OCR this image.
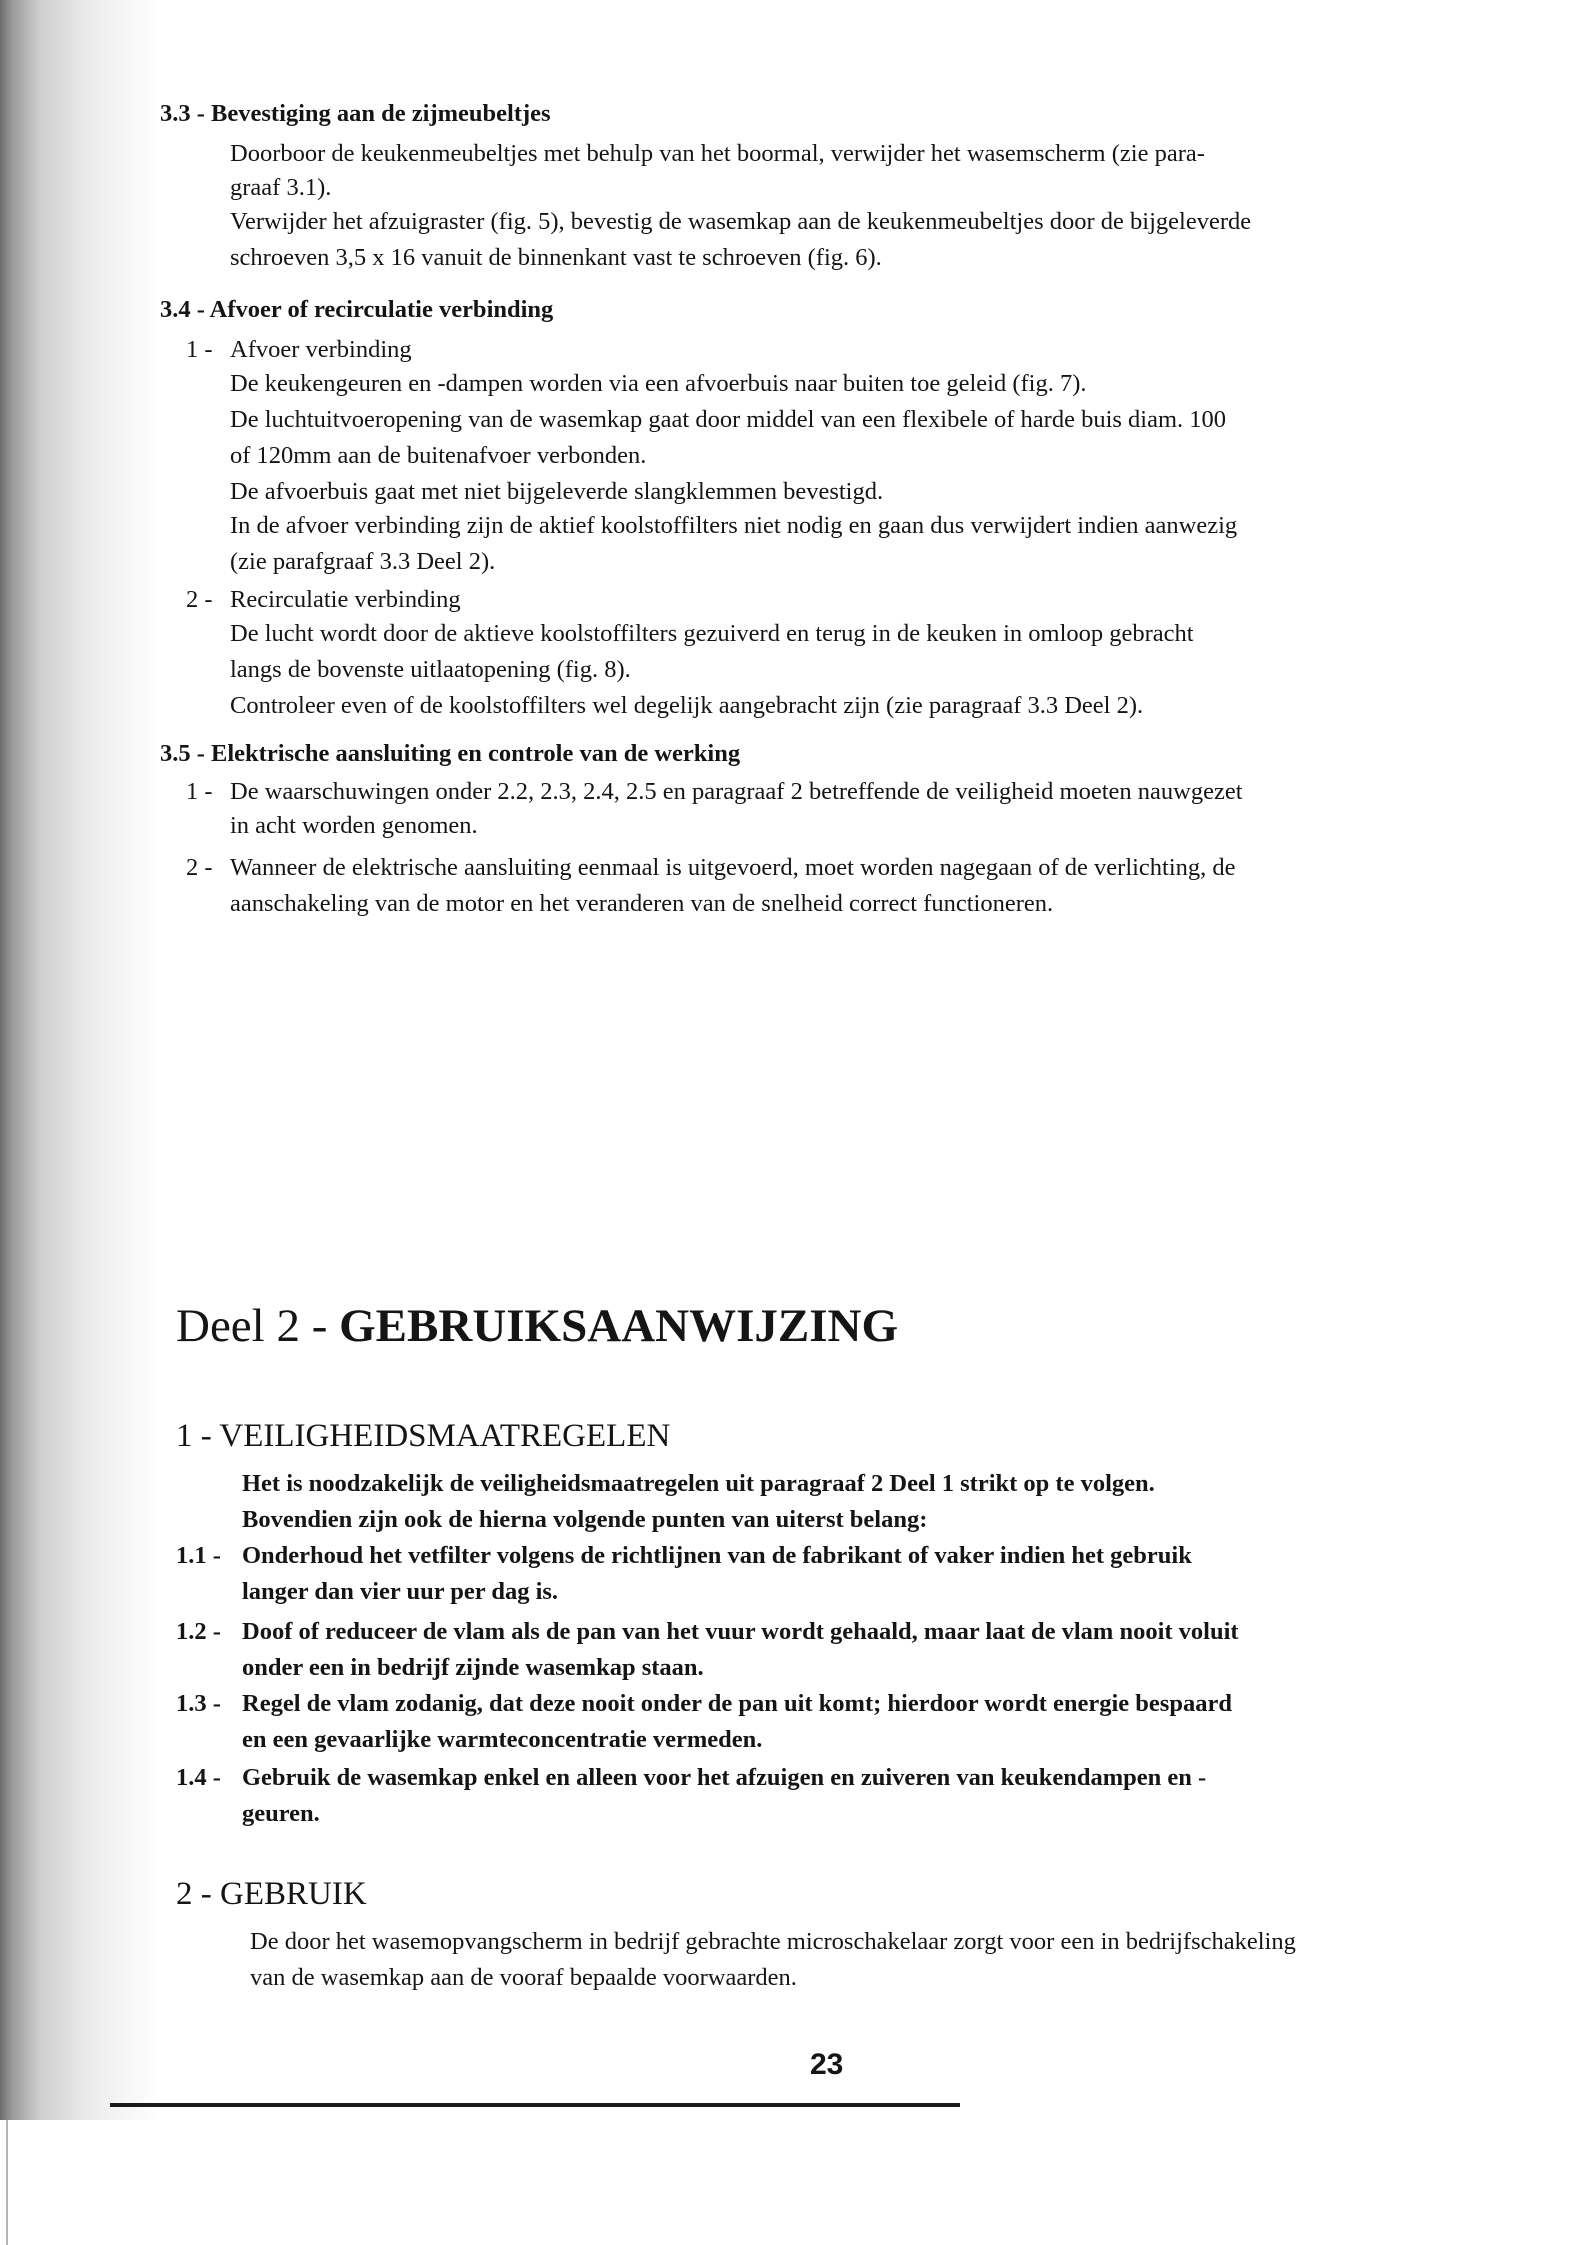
3.3 - Bevestiging aan de zijmeubeltjes
Doorboor de keukenmeubeltjes met behulp van het boormal, verwijder het wasemscherm (zie para-
graaf 3.1).
Verwijder het afzuigraster (fig. 5), bevestig de wasemkap aan de keukenmeubeltjes door de bijgeleverde
schroeven 3,5 x 16 vanuit de binnenkant vast te schroeven (fig. 6).
3.4 - Afvoer of recirculatie verbinding
1 - Afvoer verbinding
De keukengeuren en -dampen worden via een afvoerbuis naar buiten toe geleid (fig. 7).
De luchtuitvoeropening van de wasemkap gaat door middel van een flexibele of harde buis diam. 100
of 120mm aan de buitenafvoer verbonden.
De afvoerbuis gaat met niet bijgeleverde slangklemmen bevestigd.
In de afvoer verbinding zijn de aktief koolstoffilters niet nodig en gaan dus verwijdert indien aanwezig
(zie parafgraaf 3.3 Deel 2).
2 - Recirculatie verbinding
De lucht wordt door de aktieve koolstoffilters gezuiverd en terug in de keuken in omloop gebracht
langs de bovenste uitlaatopening (fig. 8).
Controleer even of de koolstoffilters wel degelijk aangebracht zijn (zie paragraaf 3.3 Deel 2).
3.5 - Elektrische aansluiting en controle van de werking
1 - De waarschuwingen onder 2.2, 2.3, 2.4, 2.5 en paragraaf 2 betreffende de veiligheid moeten nauwgezet
in acht worden genomen.
2 - Wanneer de elektrische aansluiting eenmaal is uitgevoerd, moet worden nagegaan of de verlichting, de
aanschakeling van de motor en het veranderen van de snelheid correct functioneren.
Deel 2 - GEBRUIKSAANWIJZING
1 - VEILIGHEIDSMAATREGELEN
Het is noodzakelijk de veiligheidsmaatregelen uit paragraaf 2 Deel 1 strikt op te volgen.
Bovendien zijn ook de hierna volgende punten van uiterst belang:
1.1 - Onderhoud het vetfilter volgens de richtlijnen van de fabrikant of vaker indien het gebruik
langer dan vier uur per dag is.
1.2 - Doof of reduceer de vlam als de pan van het vuur wordt gehaald, maar laat de vlam nooit voluit
onder een in bedrijf zijnde wasemkap staan.
1.3 - Regel de vlam zodanig, dat deze nooit onder de pan uit komt; hierdoor wordt energie bespaard
en een gevaarlijke warmteconcentratie vermeden.
1.4 - Gebruik de wasemkap enkel en alleen voor het afzuigen en zuiveren van keukendampen en -
geuren.
2 - GEBRUIK
De door het wasemopvangscherm in bedrijf gebrachte microschakelaar zorgt voor een in bedrijfschakeling
van de wasemkap aan de vooraf bepaalde voorwaarden.
23
